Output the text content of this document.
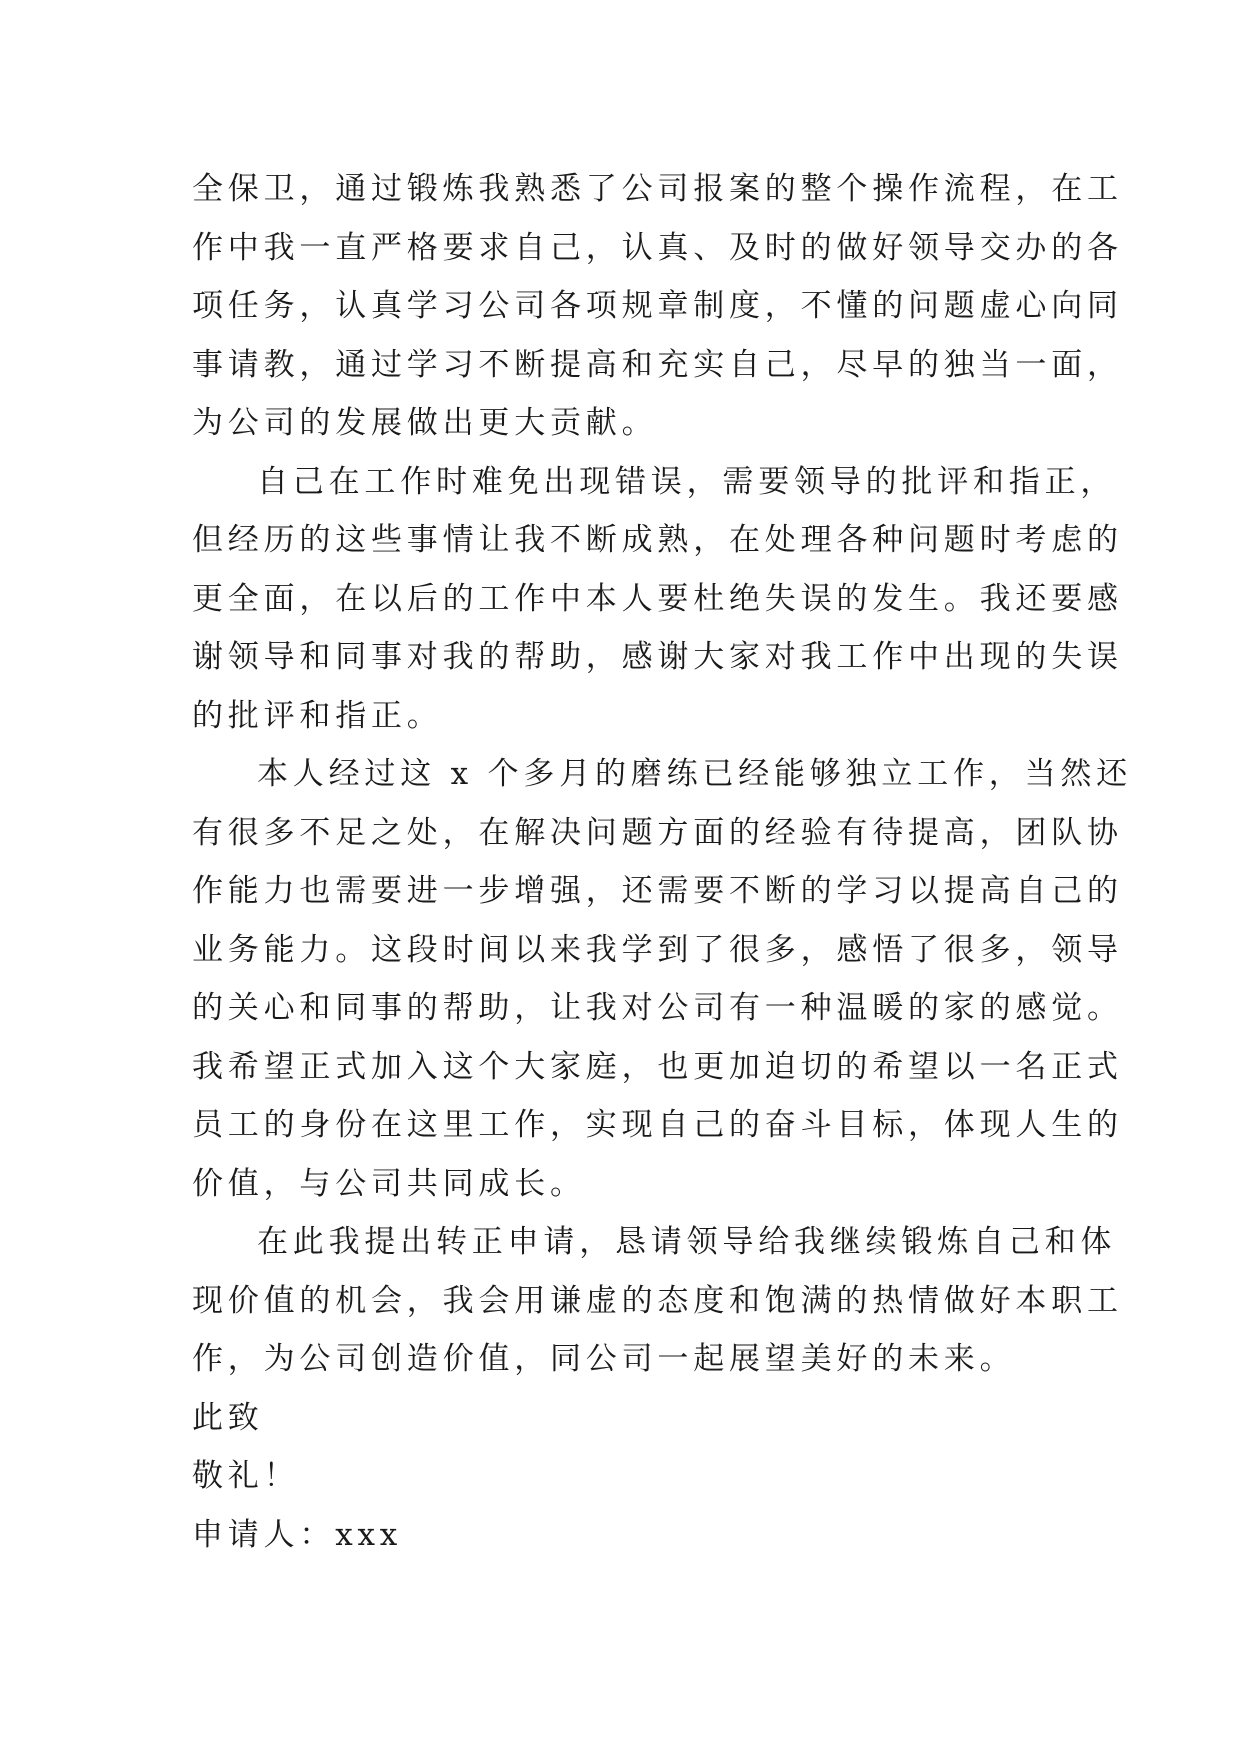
全保卫，通过锻炼我熟悉了公司报案的整个操作流程，在工
作中我一直严格要求自己，认真、及时的做好领导交办的各
项任务，认真学习公司各项规章制度，不懂的问题虚心向同
事请教，通过学习不断提高和充实自己，尽早的独当一面，
为公司的发展做出更大贡献。
自己在工作时难免出现错误，需要领导的批评和指正，
但经历的这些事情让我不断成熟，在处理各种问题时考虑的
更全面，在以后的工作中本人要杜绝失误的发生。我还要感
谢领导和同事对我的帮助，感谢大家对我工作中出现的失误
的批评和指正。
本人经过这 x 个多月的磨练已经能够独立工作，当然还
有很多不足之处，在解决问题方面的经验有待提高，团队协
作能力也需要进一步增强，还需要不断的学习以提高自己的
业务能力。这段时间以来我学到了很多，感悟了很多，领导
的关心和同事的帮助，让我对公司有一种温暖的家的感觉。
我希望正式加入这个大家庭，也更加迫切的希望以一名正式
员工的身份在这里工作，实现自己的奋斗目标，体现人生的
价值，与公司共同成长。
在此我提出转正申请，恳请领导给我继续锻炼自己和体
现价值的机会，我会用谦虚的态度和饱满的热情做好本职工
作，为公司创造价值，同公司一起展望美好的未来。
此致
敬礼！
申请人：xxx
